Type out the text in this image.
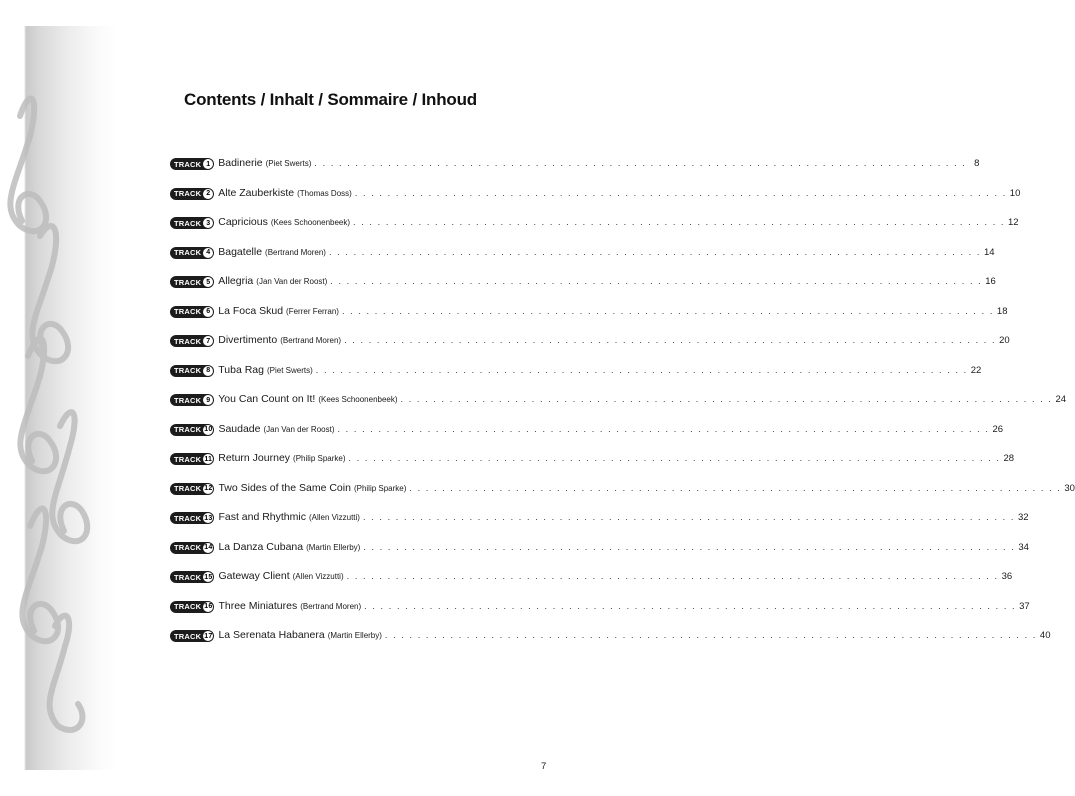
Contents / Inhalt / Sommaire / Inhoud
TRACK 1 Badinerie (Piet Swerts) . . . . . . . . . . . . . . . . . . . . . . . . . . . . . . . . . . . . . . . . . . . . . . . . . . . . . . . . . . . . . . . . . . . . . . . . . . . . . . . . 8
TRACK 2 Alte Zauberkiste (Thomas Doss) . . . . . . . . . . . . . . . . . . . . . . . . . . . . . . . . . . . . . . . . . . . . . . . . . . . . . . . . . . . . . . . . . . . . . . . . . . . . . . . . 10
TRACK 3 Capricious (Kees Schoonenbeek) . . . . . . . . . . . . . . . . . . . . . . . . . . . . . . . . . . . . . . . . . . . . . . . . . . . . . . . . . . . . . . . . . . . . . . . . . . . . . . . . 12
TRACK 4 Bagatelle (Bertrand Moren) . . . . . . . . . . . . . . . . . . . . . . . . . . . . . . . . . . . . . . . . . . . . . . . . . . . . . . . . . . . . . . . . . . . . . . . . . . . . . . . . 14
TRACK 5 Allegria (Jan Van der Roost) . . . . . . . . . . . . . . . . . . . . . . . . . . . . . . . . . . . . . . . . . . . . . . . . . . . . . . . . . . . . . . . . . . . . . . . . . . . . . . . . 16
TRACK 6 La Foca Skud (Ferrer Ferran) . . . . . . . . . . . . . . . . . . . . . . . . . . . . . . . . . . . . . . . . . . . . . . . . . . . . . . . . . . . . . . . . . . . . . . . . . . . . . . . . 18
TRACK 7 Divertimento (Bertrand Moren) . . . . . . . . . . . . . . . . . . . . . . . . . . . . . . . . . . . . . . . . . . . . . . . . . . . . . . . . . . . . . . . . . . . . . . . . . . . . . . . . 20
TRACK 8 Tuba Rag (Piet Swerts) . . . . . . . . . . . . . . . . . . . . . . . . . . . . . . . . . . . . . . . . . . . . . . . . . . . . . . . . . . . . . . . . . . . . . . . . . . . . . . . . 22
TRACK 9 You Can Count on It! (Kees Schoonenbeek) . . . . . . . . . . . . . . . . . . . . . . . . . . . . . . . . . . . . . . . . . . . . . . . . . . . . . . . . . . . . . . . . . . . . . . . . . . . . . . . . 24
TRACK 10 Saudade (Jan Van der Roost) . . . . . . . . . . . . . . . . . . . . . . . . . . . . . . . . . . . . . . . . . . . . . . . . . . . . . . . . . . . . . . . . . . . . . . . . . . . . . . . . 26
TRACK 11 Return Journey (Philip Sparke) . . . . . . . . . . . . . . . . . . . . . . . . . . . . . . . . . . . . . . . . . . . . . . . . . . . . . . . . . . . . . . . . . . . . . . . . . . . . . . . . 28
TRACK 12 Two Sides of the Same Coin (Philip Sparke) . . . . . . . . . . . . . . . . . . . . . . . . . . . . . . . . . . . . . . . . . . . . . . . . . . . . . . . . . . . . . . . . . . . . . . . . . . . . . . . . 30
TRACK 13 Fast and Rhythmic (Allen Vizzutti) . . . . . . . . . . . . . . . . . . . . . . . . . . . . . . . . . . . . . . . . . . . . . . . . . . . . . . . . . . . . . . . . . . . . . . . . . . . . . . . . 32
TRACK 14 La Danza Cubana (Martin Ellerby) . . . . . . . . . . . . . . . . . . . . . . . . . . . . . . . . . . . . . . . . . . . . . . . . . . . . . . . . . . . . . . . . . . . . . . . . . . . . . . . . 34
TRACK 15 Gateway Client (Allen Vizzutti) . . . . . . . . . . . . . . . . . . . . . . . . . . . . . . . . . . . . . . . . . . . . . . . . . . . . . . . . . . . . . . . . . . . . . . . . . . . . . . . . 36
TRACK 16 Three Miniatures (Bertrand Moren) . . . . . . . . . . . . . . . . . . . . . . . . . . . . . . . . . . . . . . . . . . . . . . . . . . . . . . . . . . . . . . . . . . . . . . . . . . . . . . . . 37
TRACK 17 La Serenata Habanera (Martin Ellerby) . . . . . . . . . . . . . . . . . . . . . . . . . . . . . . . . . . . . . . . . . . . . . . . . . . . . . . . . . . . . . . . . . . . . . . . . . . . . . . . . 40
7
